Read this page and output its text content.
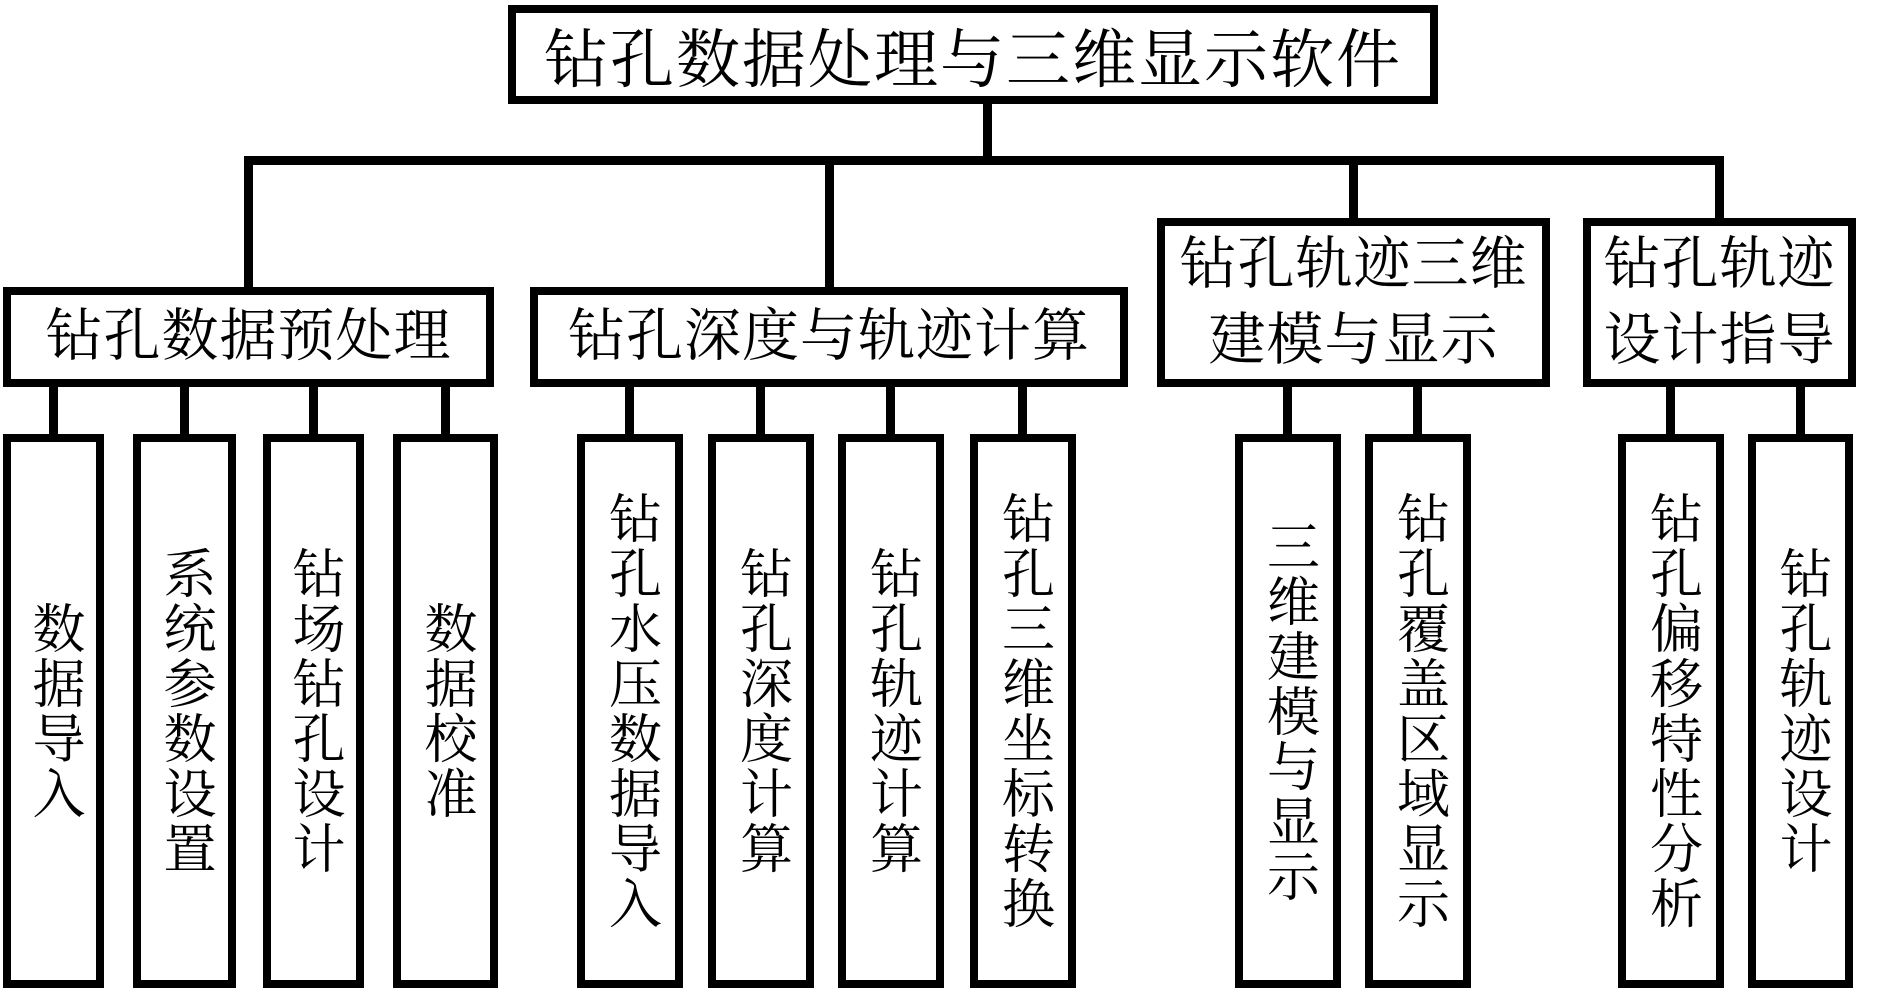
钻孔数据处理与三维显示软件
钻孔数据预处理 钻孔深度与轨迹计算
钻孔轨迹三维
建模与显示
钻孔轨迹
设计指导
数据导入 系统参数设置 钻场钻孔设计 数据校准 钻孔水压数据导入 钻孔深度计算 钻孔轨迹计算 钻孔三维坐标转换	三维建模与显示 钻孔覆盖区域显示	钻孔偏移特性分析 钻孔轨迹设计
